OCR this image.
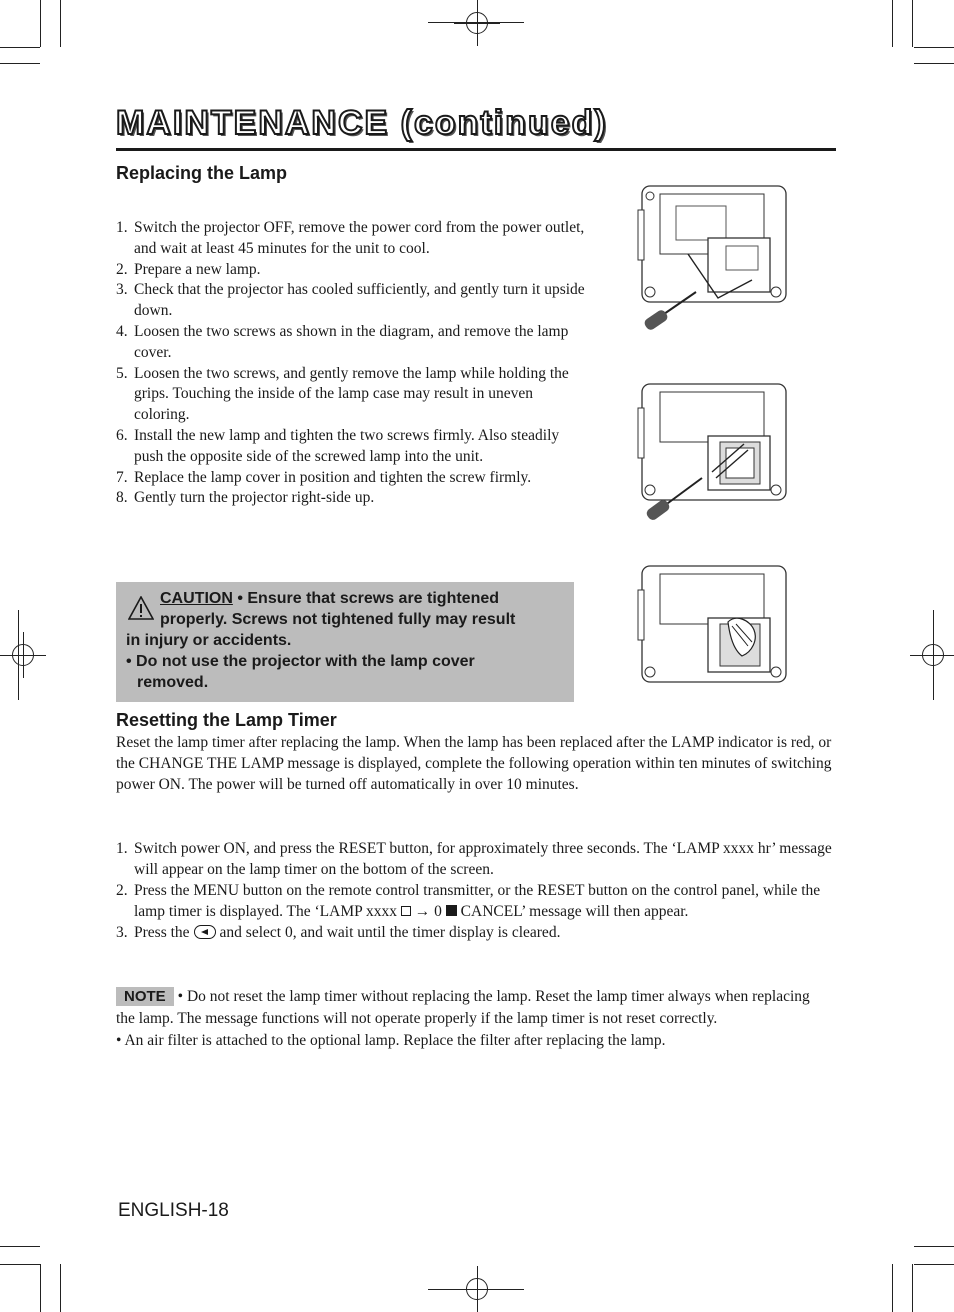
MAINTENANCE (continued)
Replacing the Lamp
1. Switch the projector OFF, remove the power cord from the power outlet, and wait at least 45 minutes for the unit to cool.
2. Prepare a new lamp.
3. Check that the projector has cooled sufficiently, and gently turn it upside down.
4. Loosen the two screws as shown in the diagram, and remove the lamp cover.
5. Loosen the two screws, and gently remove the lamp while holding the grips. Touching the inside of the lamp case may result in uneven coloring.
6. Install the new lamp and tighten the two screws firmly. Also steadily push the opposite side of the screwed lamp into the unit.
7. Replace the lamp cover in position and tighten the screw firmly.
8. Gently turn the projector right-side up.
CAUTION • Ensure that screws are tightened
properly. Screws not tightened fully may result
in injury or accidents.
• Do not use the projector with the lamp cover
removed.
Resetting the Lamp Timer
Reset the lamp timer after replacing the lamp. When the lamp has been replaced after the LAMP indicator is red, or the CHANGE THE LAMP message is displayed, complete the following operation within ten minutes of switching power ON. The power will be turned off automatically in over 10 minutes.
1. Switch power ON, and press the RESET button, for approximately three seconds. The ‘LAMP xxxx hr’ message will appear on the lamp timer on the bottom of the screen.
2. Press the MENU button on the remote control transmitter, or the RESET button on the control panel, while the lamp timer is displayed. The ‘LAMP xxxx  → 0  CANCEL’ message will then appear.
3. Press the and select 0, and wait until the timer display is cleared.
NOTE • Do not reset the lamp timer without replacing the lamp. Reset the lamp timer always when replacing the lamp. The message functions will not operate properly if the lamp timer is not reset correctly.
• An air filter is attached to the optional lamp. Replace the filter after replacing the lamp.
ENGLISH-18
